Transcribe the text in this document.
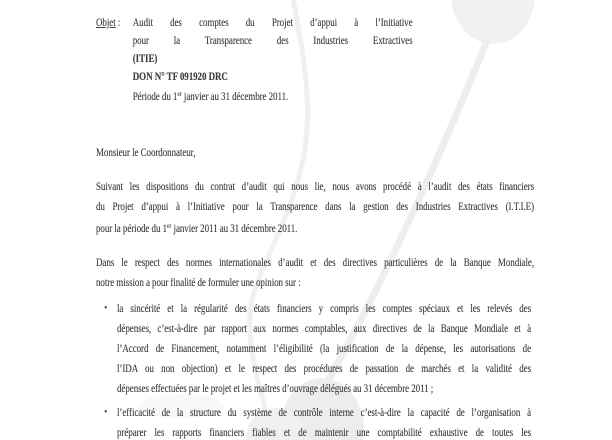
Objet :	Audit des comptes du Projet d’appui à l’Initiative
pour la Transparence des Industries Extractives
(ITIE)
DON N° TF 091920 DRC
Période du 1er janvier au 31 décembre 2011.
Monsieur le Coordonnateur,
Suivant les dispositions du contrat d’audit qui nous lie, nous avons procédé à l’audit des états financiers
du Projet d’appui à l’Initiative pour la Transparence dans la gestion des Industries Extractives (I.T.I.E)
pour la période du 1er janvier 2011 au 31 décembre 2011.
Dans le respect des normes internationales d’audit et des directives particulières de la Banque Mondiale,
notre mission a pour finalité de formuler une opinion sur :
• la sincérité et la régularité des états financiers y compris les comptes spéciaux et les relevés des
dépenses, c’est-à-dire par rapport aux normes comptables, aux directives de la Banque Mondiale et à
l’Accord de Financement, notamment l’éligibilité (la justification de la dépense, les autorisations de
l’IDA ou non objection) et le respect des procédures de passation de marchés et la validité des
dépenses effectuées par le projet et les maîtres d’ouvrage délégués au 31 décembre 2011 ;
• l’efficacité de la structure du système de contrôle interne c’est-à-dire la capacité de l’organisation à
préparer les rapports financiers fiables et de maintenir une comptabilité exhaustive de toutes les
